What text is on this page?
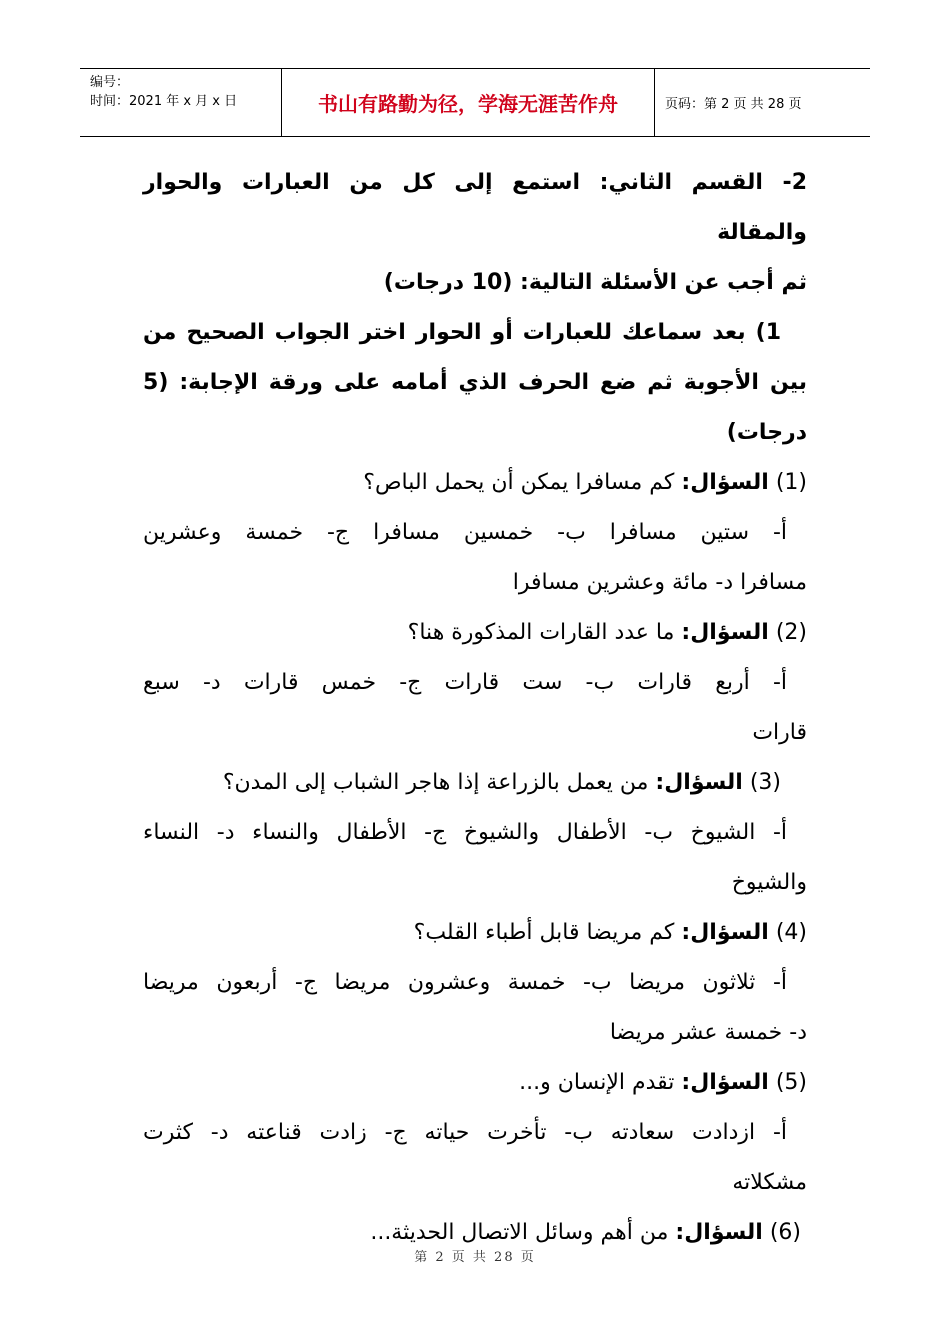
编号：
时间：2021 年 x 月 x 日	书山有路勤为径，学海无涯苦作舟	页码：第 2 页 共 28 页

2- القسم الثاني: استمع إلى كل من العبارات والحوار والمقالة

ثم أجب عن الأسئلة التالية: (10 درجات)

1) بعد سماعك للعبارات أو الحوار اختر الجواب الصحيح من

بين الأجوبة ثم ضع الحرف الذي أمامه على ورقة الإجابة: (5

درجات)

(1) السؤال: كم مسافرا يمكن أن يحمل الباص؟

أ- ستين مسافرا ب- خمسين مسافرا ج- خمسة وعشرين

مسافرا د- مائة وعشرين مسافرا

(2) السؤال: ما عدد القارات المذكورة هنا؟

أ- أربع قارات ب- ست قارات ج- خمس قارات د- سبع

قارات

(3) السؤال: من يعمل بالزراعة إذا هاجر الشباب إلى المدن؟

أ- الشيوخ ب- الأطفال والشيوخ ج- الأطفال والنساء د- النساء

والشيوخ

(4) السؤال: كم مريضا قابل أطباء القلب؟

أ- ثلاثون مريضا ب- خمسة وعشرون مريضا ج- أربعون مريضا

د- خمسة عشر مريضا

(5) السؤال: تقدم الإنسان و...

أ- ازدادت سعادته ب- تأخرت حياته ج- زادت قناعته د- كثرت

مشكلاته

(6) السؤال: من أهم وسائل الاتصال الحديثة...

第 2 页 共 28 页
